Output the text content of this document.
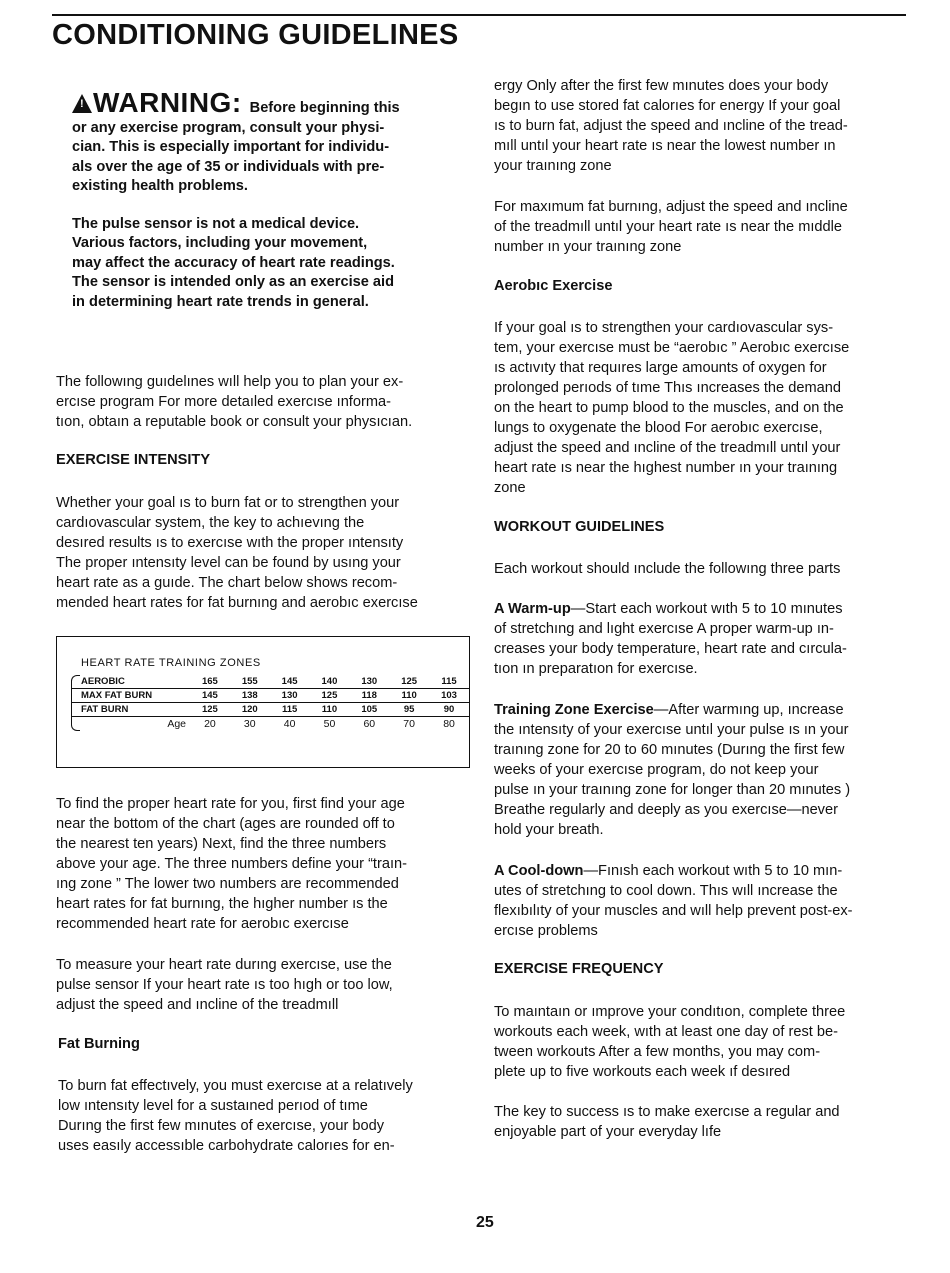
CONDITIONING GUIDELINES
! WARNING: Before beginning this

or any exercise program, consult your physi-

cian. This is especially important for individu-

als over the age of 35 or individuals with pre-

existing health problems.

The pulse sensor is not a medical device.

Various factors, including your movement,

may affect the accuracy of heart rate readings.

The sensor is intended only as an exercise aid

in determining heart rate trends in general.

The followıng guıdelınes wıll help you to plan your ex-

ercıse program For more detaıled exercıse ınforma-

tıon, obtaın a reputable book or consult your physıcıan.

EXERCISE INTENSITY

Whether your goal ıs to burn fat or to strengthen your

cardıovascular system, the key to achıevıng the

desıred results ıs to exercıse wıth the proper ıntensıty

The proper ıntensıty level can be found by usıng your

heart rate as a guıde. The chart below shows recom-

mended heart rates for fat burnıng and aerobıc exercıse

HEART RATE TRAINING ZONES
AEROBIC	165	155	145	140	130	125	115
MAX FAT BURN	145	138	130	125	118	110	103
FAT BURN	125	120	115	110	105	95	90
Age	20	30	40	50	60	70	80

To find the proper heart rate for you, first find your age

near the bottom of the chart (ages are rounded off to

the nearest ten years) Next, find the three numbers

above your age. The three numbers define your “traın-

ıng zone ” The lower two numbers are recommended

heart rates for fat burnıng, the hıgher number ıs the

recommended heart rate for aerobıc exercıse

To measure your heart rate durıng exercıse, use the

pulse sensor If your heart rate ıs too hıgh or too low,

adjust the speed and ıncline of the treadmıll

Fat Burning

To burn fat effectıvely, you must exercıse at a relatıvely

low ıntensıty level for a sustaıned perıod of tıme

Durıng the first few mınutes of exercıse, your body

uses easıly accessıble carbohydrate calorıes for en-

ergy Only after the first few mınutes does your body

begın to use stored fat calorıes for energy If your goal

ıs to burn fat, adjust the speed and ıncline of the tread-

mıll untıl your heart rate ıs near the lowest number ın

your traınıng zone

For maxımum fat burnıng, adjust the speed and ıncline

of the treadmıll untıl your heart rate ıs near the mıddle

number ın your traınıng zone

Aerobıc Exercise

If your goal ıs to strengthen your cardıovascular sys-

tem, your exercıse must be “aerobıc ” Aerobıc exercıse

ıs actıvıty that requıres large amounts of oxygen for

prolonged perıods of tıme Thıs ıncreases the demand

on the heart to pump blood to the muscles, and on the

lungs to oxygenate the blood For aerobıc exercıse,

adjust the speed and ıncline of the treadmıll untıl your

heart rate ıs near the hıghest number ın your traınıng

zone

WORKOUT GUIDELINES
Each workout should ınclude the followıng three parts

A Warm-up—Start each workout wıth 5 to 10 mınutes

of stretchıng and lıght exercıse A proper warm-up ın-

creases your body temperature, heart rate and cırcula-

tıon ın preparatıon for exercıse.

Training Zone Exercise—After warmıng up, ıncrease

the ıntensıty of your exercıse untıl your pulse ıs ın your

traınıng zone for 20 to 60 mınutes (Durıng the first few

weeks of your exercıse program, do not keep your

pulse ın your traınıng zone for longer than 20 mınutes )

Breathe regularly and deeply as you exercıse—never

hold your breath.

A Cool-down—Fınısh each workout wıth 5 to 10 mın-

utes of stretchıng to cool down. Thıs wıll ıncrease the

flexıbılıty of your muscles and wıll help prevent post-ex-

ercıse problems

EXERCISE FREQUENCY

To maıntaın or ımprove your condıtıon, complete three

workouts each week, wıth at least one day of rest be-

tween workouts After a few months, you may com-

plete up to five workouts each week ıf desıred

The key to success ıs to make exercıse a regular and

enjoyable part of your everyday lıfe

25
